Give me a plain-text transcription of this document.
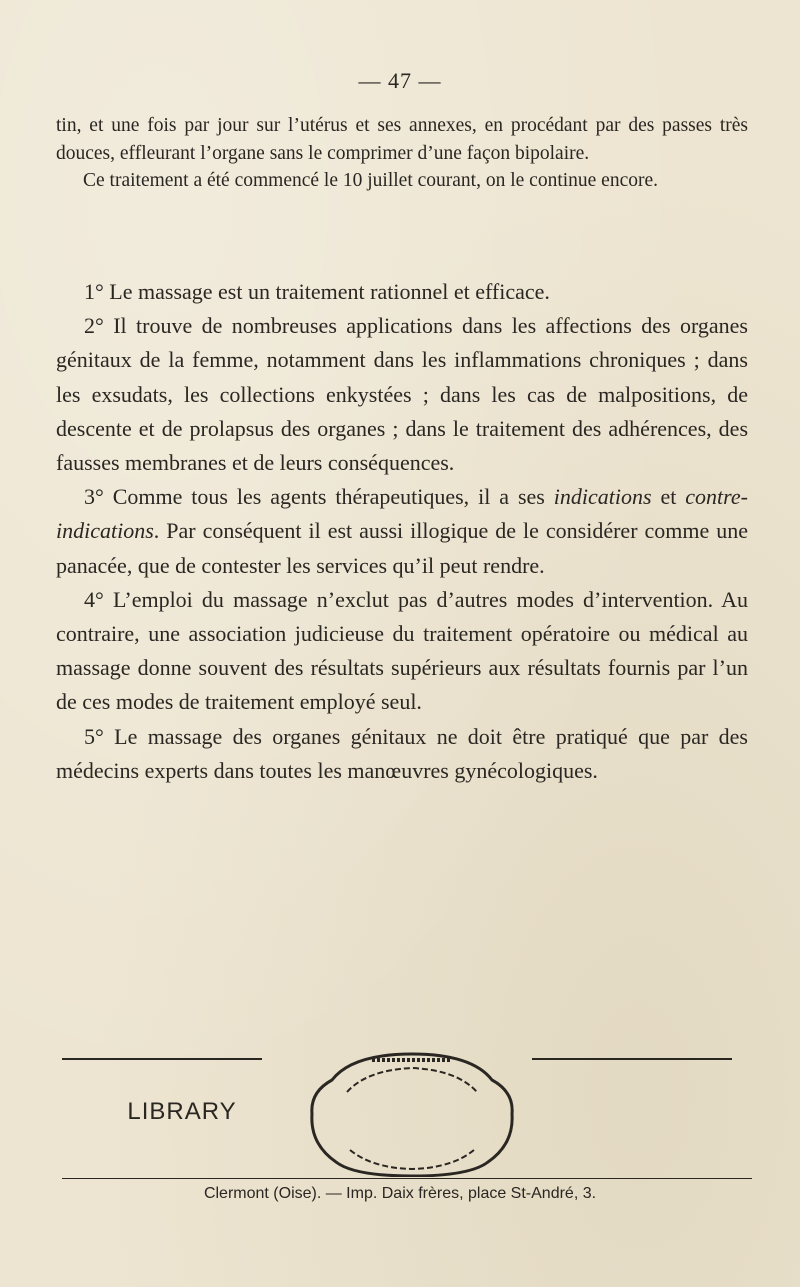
— 47 —

tin, et une fois par jour sur l’utérus et ses annexes, en procédant par des passes très douces, effleurant l’organe sans le comprimer d’une façon bipolaire.

Ce traitement a été commencé le 10 juillet courant, on le continue encore.

1° Le massage est un traitement rationnel et efficace.

2° Il trouve de nombreuses applications dans les affections des organes génitaux de la femme, notamment dans les inflammations chroniques ; dans les exsudats, les collections enkystées ; dans les cas de malpositions, de descente et de prolapsus des organes ; dans le traitement des adhérences, des fausses membranes et de leurs conséquences.

3° Comme tous les agents thérapeutiques, il a ses indications et contre-indications. Par conséquent il est aussi illogique de le considérer comme une panacée, que de contester les services qu’il peut rendre.

4° L’emploi du massage n’exclut pas d’autres modes d’intervention. Au contraire, une association judicieuse du traitement opératoire ou médical au massage donne souvent des résultats supérieurs aux résultats fournis par l’un de ces modes de traitement employé seul.

5° Le massage des organes génitaux ne doit être pratiqué que par des médecins experts dans toutes les manœuvres gynécologiques.

LIBRARY
Clermont (Oise). — Imp. Daix frères, place St-André, 3.
